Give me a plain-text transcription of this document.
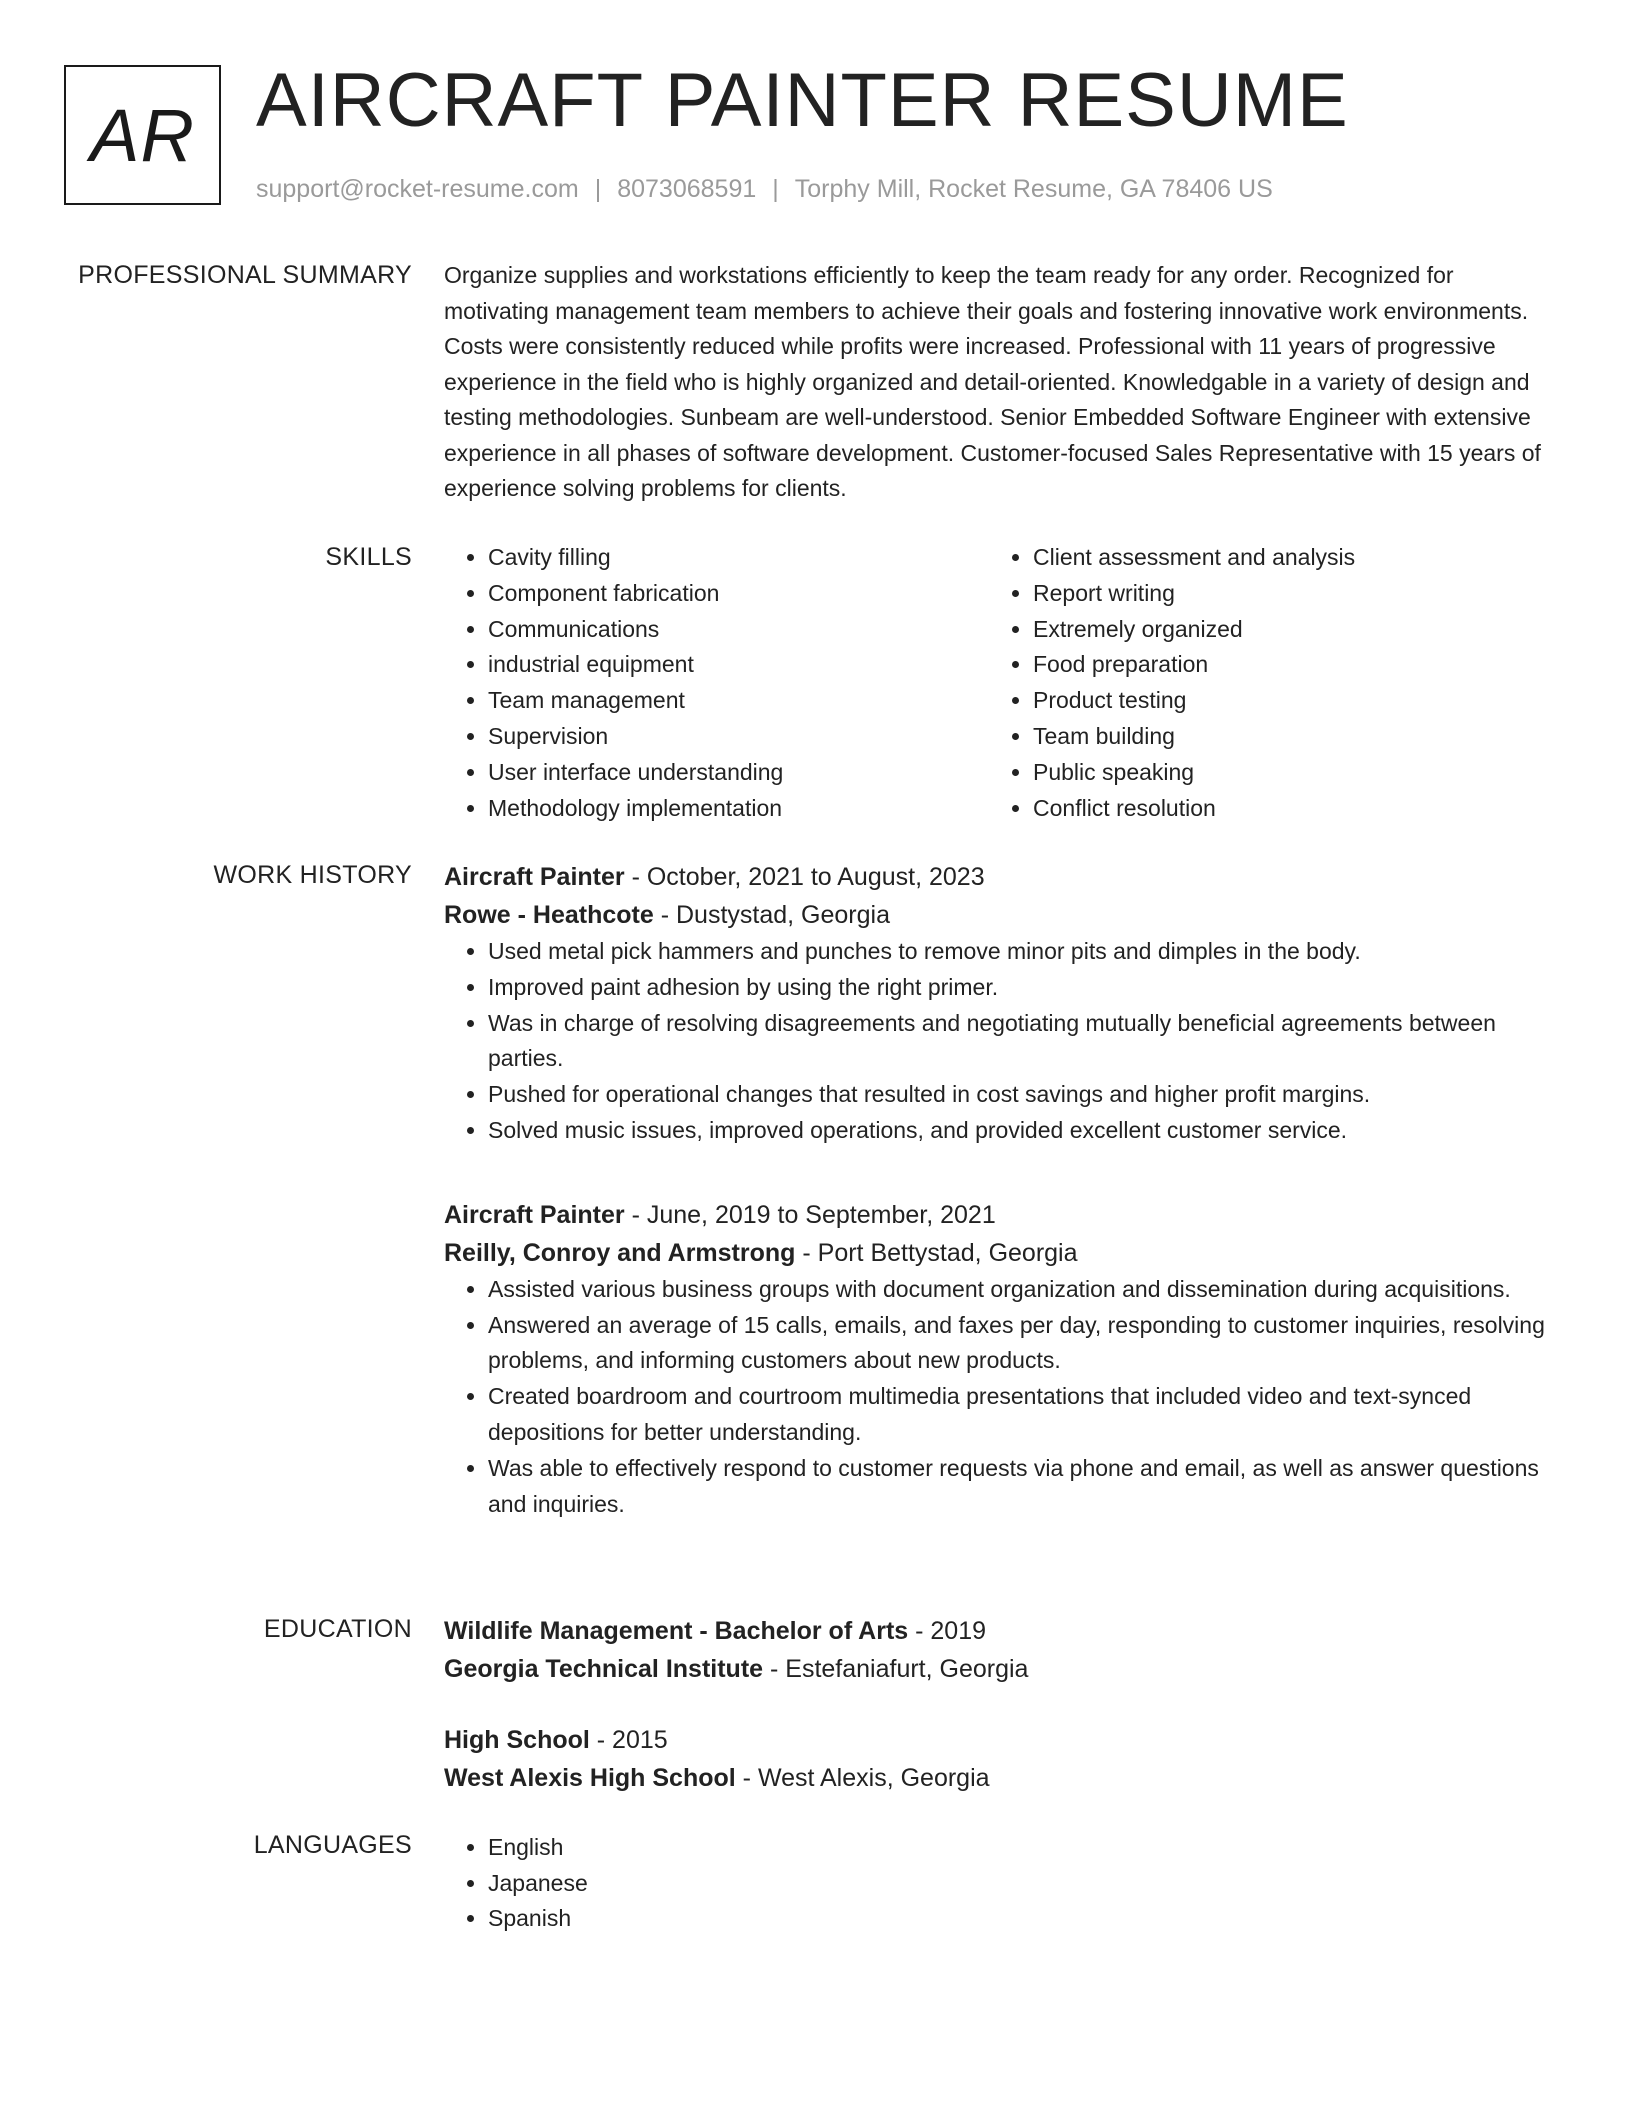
AR AIRCRAFT PAINTER RESUME
support@rocket-resume.com | 8073068591 | Torphy Mill, Rocket Resume, GA 78406 US
PROFESSIONAL SUMMARY Organize supplies and workstations efficiently to keep the team ready for any order. Recognized for motivating management team members to achieve their goals and fostering innovative work environments. Costs were consistently reduced while profits were increased. Professional with 11 years of progressive experience in the field who is highly organized and detail-oriented. Knowledgable in a variety of design and testing methodologies. Sunbeam are well-understood. Senior Embedded Software Engineer with extensive experience in all phases of software development. Customer-focused Sales Representative with 15 years of experience solving problems for clients.

SKILLS	• Cavity filling
• Component fabrication
• Communications
• industrial equipment
• Team management
• Supervision
• User interface understanding
• Methodology implementation
• Client assessment and analysis
• Report writing
• Extremely organized
• Food preparation
• Product testing
• Team building
• Public speaking
• Conflict resolution
WORK HISTORY Aircraft Painter - October, 2021 to August, 2023
Rowe - Heathcote - Dustystad, Georgia
• Used metal pick hammers and punches to remove minor pits and dimples in the body.
• Improved paint adhesion by using the right primer.
• Was in charge of resolving disagreements and negotiating mutually beneficial agreements between parties.
• Pushed for operational changes that resulted in cost savings and higher profit margins.
• Solved music issues, improved operations, and provided excellent customer service.
Aircraft Painter - June, 2019 to September, 2021
Reilly, Conroy and Armstrong - Port Bettystad, Georgia
• Assisted various business groups with document organization and dissemination during acquisitions.
• Answered an average of 15 calls, emails, and faxes per day, responding to customer inquiries, resolving problems, and informing customers about new products.
• Created boardroom and courtroom multimedia presentations that included video and text-synced depositions for better understanding.
• Was able to effectively respond to customer requests via phone and email, as well as answer questions and inquiries.
EDUCATION Wildlife Management - Bachelor of Arts - 2019
Georgia Technical Institute - Estefaniafurt, Georgia
High School - 2015
West Alexis High School - West Alexis, Georgia
LANGUAGES	• English
• Japanese
• Spanish
